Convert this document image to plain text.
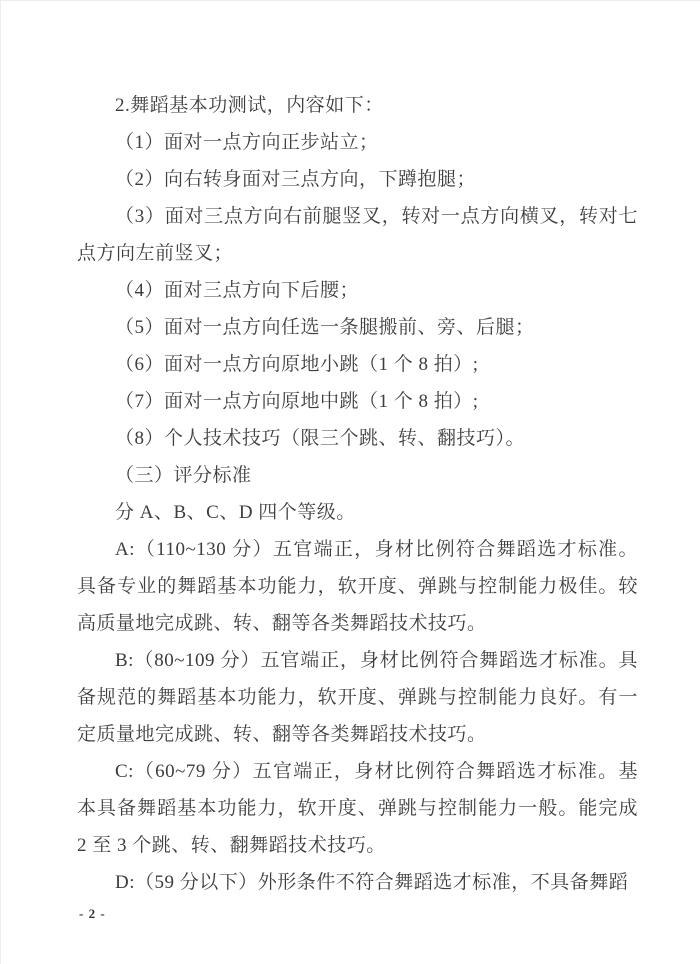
2.舞蹈基本功测试，内容如下：

（1）面对一点方向正步站立；

（2）向右转身面对三点方向，下蹲抱腿；

（3）面对三点方向右前腿竖叉，转对一点方向横叉，转对七点方向左前竖叉；

（4）面对三点方向下后腰；

（5）面对一点方向任选一条腿搬前、旁、后腿；

（6）面对一点方向原地小跳（1 个 8 拍）;

（7）面对一点方向原地中跳（1 个 8 拍）;

（8）个人技术技巧（限三个跳、转、翻技巧）。

（三）评分标准

分 A、B、C、D 四个等级。

A:（110~130 分）五官端正，身材比例符合舞蹈选才标准。具备专业的舞蹈基本功能力，软开度、弹跳与控制能力极佳。较高质量地完成跳、转、翻等各类舞蹈技术技巧。

B:（80~109 分）五官端正，身材比例符合舞蹈选才标准。具备规范的舞蹈基本功能力，软开度、弹跳与控制能力良好。有一定质量地完成跳、转、翻等各类舞蹈技术技巧。

C:（60~79 分）五官端正，身材比例符合舞蹈选才标准。基本具备舞蹈基本功能力，软开度、弹跳与控制能力一般。能完成 2 至 3 个跳、转、翻舞蹈技术技巧。

D:（59 分以下）外形条件不符合舞蹈选才标准，不具备舞蹈

- 2 -
